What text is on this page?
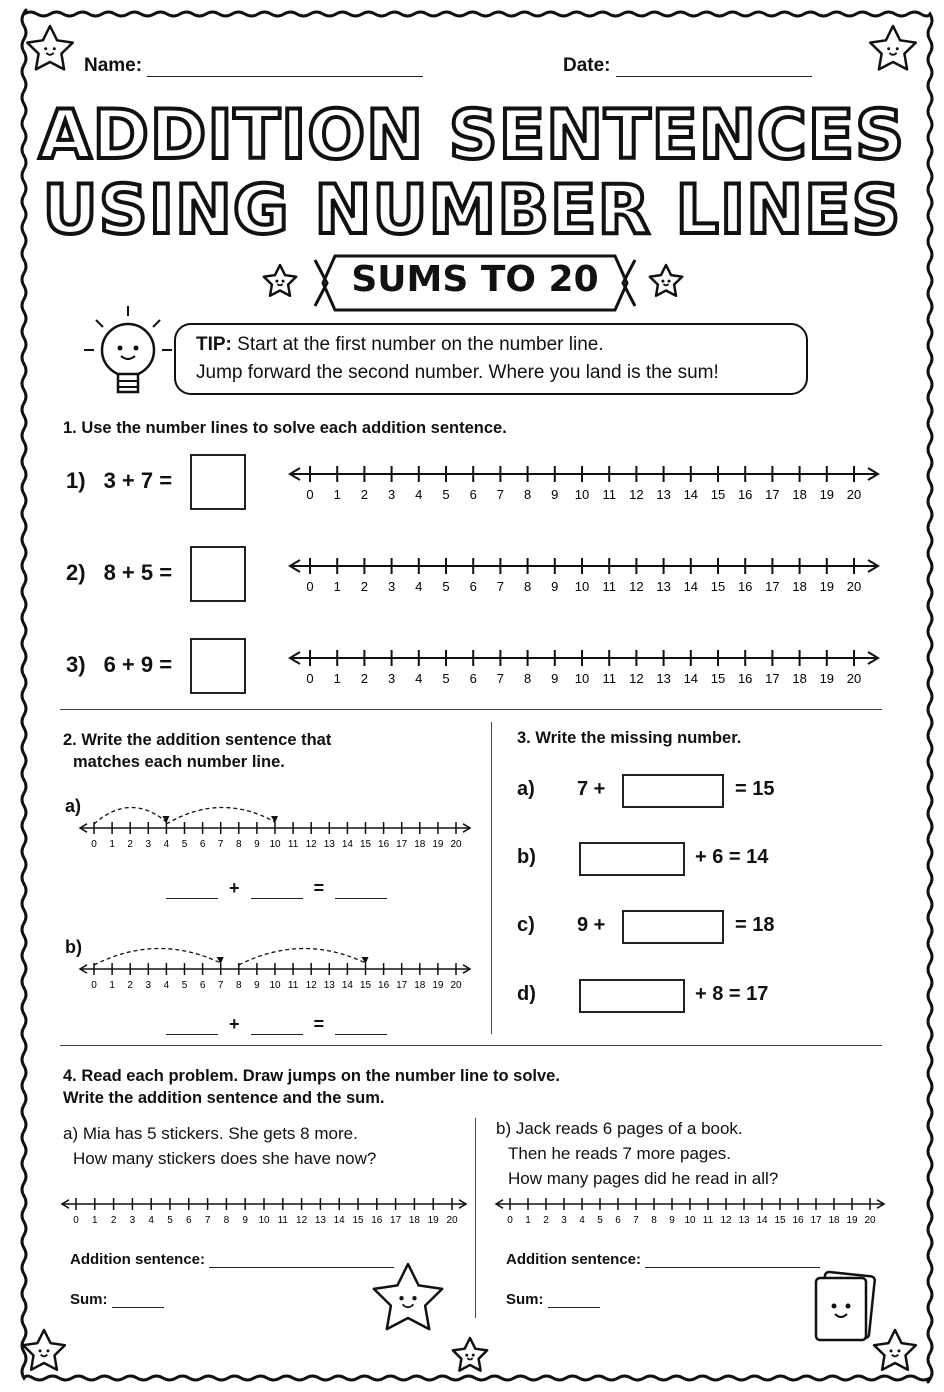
Name:	Date:
ADDITION SENTENCES
USING NUMBER LINES
SUMS TO 20
TIP: Start at the first number on the number line.
Jump forward the second number. Where you land is the sum!
1. Use the number lines to solve each addition sentence.
1) 3 + 7 =
0 1 2 3 4 5 6 7 8 9 10 11 12 13 14 15 16 17 18 19 20
2) 8 + 5 =
0 1 2 3 4 5 6 7 8 9 10 11 12 13 14 15 16 17 18 19 20
3) 6 + 9 =
0 1 2 3 4 5 6 7 8 9 10 11 12 13 14 15 16 17 18 19 20
2. Write the addition sentence that
matches each number line.
a)
b)
0 1 2 3 4 5 6 7 8 9 10 11 12 13 14 15 16 17 18 19 20
0 1 2 3 4 5 6 7 8 9 10 11 12 13 14 15 16 17 18 19 20
+	=
+	=
3. Write the missing number.
a) 7 +	= 15
b)	+ 6 = 14
c) 9 +	= 18
d)	+ 8 = 17
4. Read each problem. Draw jumps on the number line to solve.
Write the addition sentence and the sum.
a) Mia has 5 stickers. She gets 8 more.
How many stickers does she have now?
b) Jack reads 6 pages of a book.
Then he reads 7 more pages.
How many pages did he read in all?
0 1 2 3 4 5 6 7 8 9 10 11 12 13 14 15 16 17 18 19 20	0 1 2 3 4 5 6 7 8 9 10 11 12 13 14 15 16 17 18 19 20
Addition sentence:
Sum:
Addition sentence:
Sum:
